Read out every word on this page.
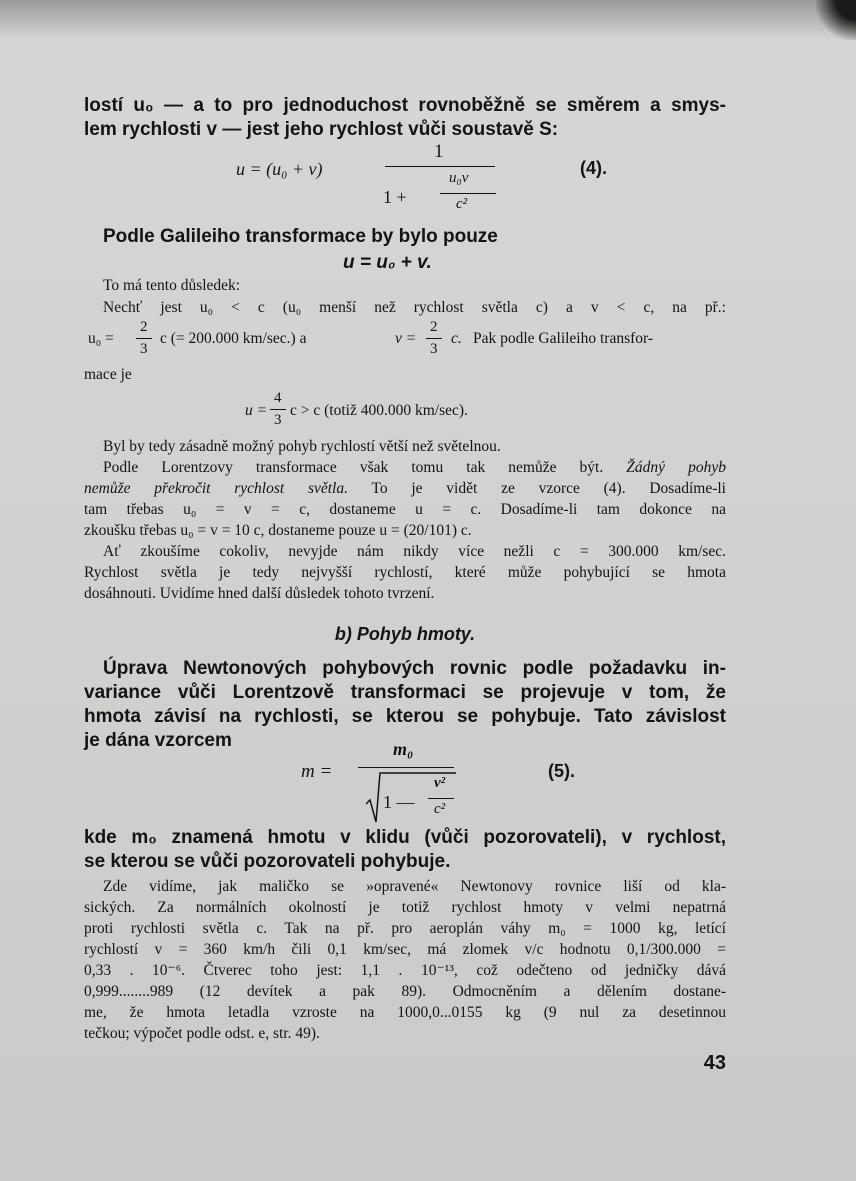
lostí u₀ — a to pro jednoduchost rovnoběžně se směrem a smys-

lem rychlosti v — jest jeho rychlost vůči soustavě S:

u = (u₀ + v)
1
1 +
u₀v
c²
(4).

Podle Galileiho transformace by bylo pouze

u = u₀ + v.

To má tento důsledek:

Nechť jest u₀ < c (u₀ menší než rychlost světla c) a v < c, na př.:

u₀ =
2
3
c (= 200.000 km/sec.) a	v =
2
3
c. Pak podle Galileiho transfor-

mace je

u =
4
3
c > c (totiž 400.000 km/sec).

Byl by tedy zásadně možný pohyb rychlostí větší než světelnou.

Podle Lorentzovy transformace však tomu tak nemůže být. Žádný pohyb

nemůže překročit rychlost světla. To je vidět ze vzorce (4). Dosadíme-li

tam třebas u₀ = v = c, dostaneme u = c. Dosadíme-li tam dokonce na

zkoušku třebas u₀ = v = 10 c, dostaneme pouze u = (20/101) c.

Ať zkoušíme cokoliv, nevyjde nám nikdy více nežli c = 300.000 km/sec.

Rychlost světla je tedy nejvyšší rychlostí, které může pohybující se hmota

dosáhnouti. Uvidíme hned další důsledek tohoto tvrzení.

b) Pohyb hmoty.

Úprava Newtonových pohybových rovnic podle požadavku in-

variance vůči Lorentzově transformaci se projevuje v tom, že

hmota závisí na rychlosti, se kterou se pohybuje. Tato závislost

je dána vzorcem

m =
m₀
1 —
v²
c²
(5).

kde m₀ znamená hmotu v klidu (vůči pozorovateli), v rychlost,

se kterou se vůči pozorovateli pohybuje.

Zde vidíme, jak maličko se »opravené« Newtonovy rovnice liší od kla-

sických. Za normálních okolností je totiž rychlost hmoty v velmi nepatrná

proti rychlosti světla c. Tak na př. pro aeroplán váhy m₀ = 1000 kg, letící

rychlostí v = 360 km/h čili 0,1 km/sec, má zlomek v/c hodnotu 0,1/300.000 =

0,33 . 10⁻⁶. Čtverec toho jest: 1,1 . 10⁻¹³, což odečteno od jedničky dává

0,999........989 (12 devítek a pak 89). Odmocněním a dělením dostane-

me, že hmota letadla vzroste na 1000,0...0155 kg (9 nul za desetinnou

tečkou; výpočet podle odst. e, str. 49).

43
